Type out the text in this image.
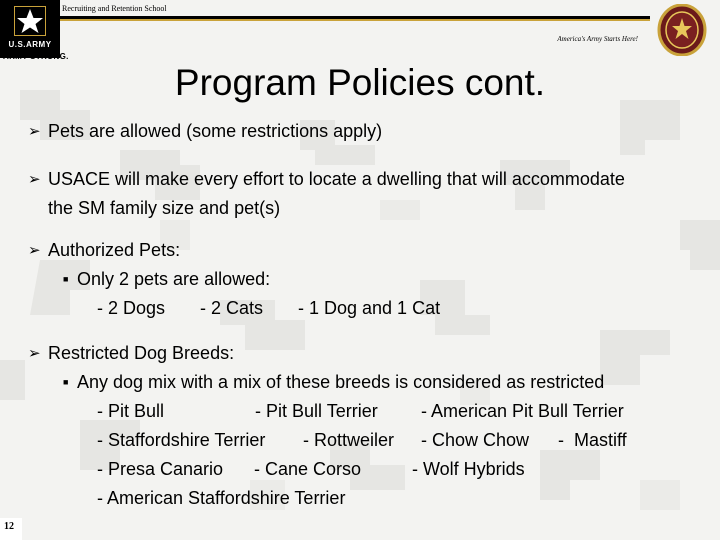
Recruiting and Retention School
America's Army Starts Here!
U.S.ARMY
ARMY STRONG.
Program Policies cont.
➢ Pets are allowed (some restrictions apply)
➢ USACE will make every effort to locate a dwelling that will accommodate
the SM family size and pet(s)
➢ Authorized Pets:
■ Only 2 pets are allowed:
- 2 Dogs - 2 Cats - 1 Dog and 1 Cat
➢ Restricted Dog Breeds:
■ Any dog mix with a mix of these breeds is considered as restricted
- Pit Bull	- Pit Bull Terrier - American Pit Bull Terrier
- Staffordshire Terrier - Rottweiler - Chow Chow -  Mastiff
- Presa Canario - Cane Corso	- Wolf Hybrids
- American Staffordshire Terrier
12
